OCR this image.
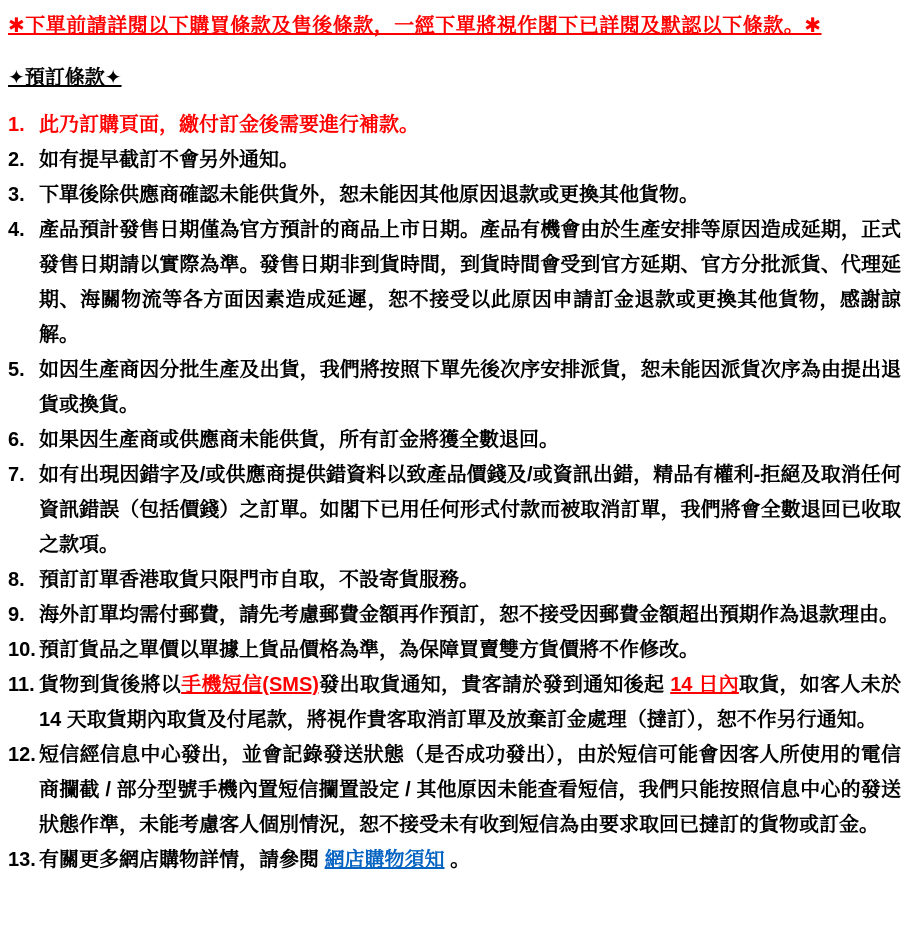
✱下單前請詳閱以下購買條款及售後條款，一經下單將視作閣下已詳閱及默認以下條款。✱
✦預訂條款✦
1. 此乃訂購頁面，繳付訂金後需要進行補款。
2. 如有提早截訂不會另外通知。
3. 下單後除供應商確認未能供貨外，恕未能因其他原因退款或更換其他貨物。
4. 產品預計發售日期僅為官方預計的商品上市日期。產品有機會由於生產安排等原因造成延期，正式發售日期請以實際為準。發售日期非到貨時間，到貨時間會受到官方延期、官方分批派貨、代理延期、海關物流等各方面因素造成延遲，恕不接受以此原因申請訂金退款或更換其他貨物，感謝諒解。
5. 如因生產商因分批生產及出貨，我們將按照下單先後次序安排派貨，恕未能因派貨次序為由提出退貨或換貨。
6. 如果因生產商或供應商未能供貨，所有訂金將獲全數退回。
7. 如有出現因錯字及/或供應商提供錯資料以致產品價錢及/或資訊出錯，精品有權利-拒絕及取消任何資訊錯誤（包括價錢）之訂單。如閣下已用任何形式付款而被取消訂單，我們將會全數退回已收取之款項。
8. 預訂訂單香港取貨只限門市自取，不設寄貨服務。
9. 海外訂單均需付郵費，請先考慮郵費金額再作預訂，恕不接受因郵費金額超出預期作為退款理由。
10. 預訂貨品之單價以單據上貨品價格為準，為保障買賣雙方貨價將不作修改。
11. 貨物到貨後將以手機短信(SMS)發出取貨通知，貴客請於發到通知後起 14 日內取貨，如客人未於 14 天取貨期內取貨及付尾款，將視作貴客取消訂單及放棄訂金處理（撻訂），恕不作另行通知。
12. 短信經信息中心發出，並會記錄發送狀態（是否成功發出），由於短信可能會因客人所使用的電信商攔截 / 部分型號手機內置短信攔置設定 / 其他原因未能查看短信，我們只能按照信息中心的發送狀態作準，未能考慮客人個別情況，恕不接受未有收到短信為由要求取回已撻訂的貨物或訂金。
13. 有關更多網店購物詳情，請參閱 網店購物須知 。
